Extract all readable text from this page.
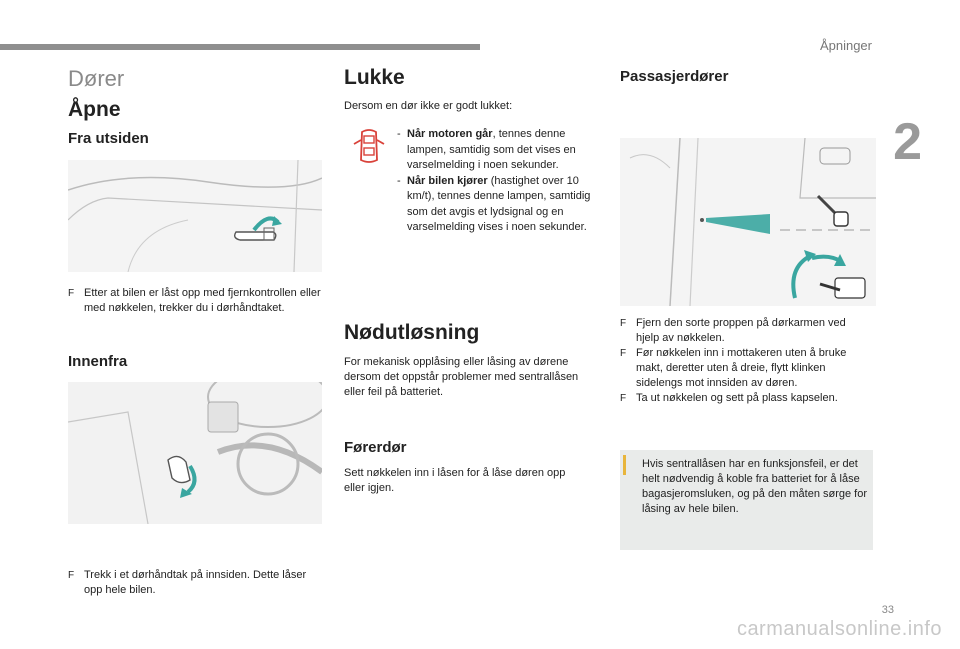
Åpninger
2
Dører
Åpne
Fra utsiden
F Etter at bilen er låst opp med fjernkontrollen eller med nøkkelen, trekker du i dørhåndtaket.
Innenfra
F Trekk i et dørhåndtak på innsiden. Dette låser opp hele bilen.
Lukke
Dersom en dør ikke er godt lukket:
- Når motoren går, tennes denne lampen, samtidig som det vises en varselmelding i noen sekunder.
- Når bilen kjører (hastighet over 10 km/t), tennes denne lampen, samtidig som det avgis et lydsignal og en varselmelding vises i noen sekunder.
Nødutløsning
For mekanisk opplåsing eller låsing av dørene dersom det oppstår problemer med sentrallåsen eller feil på batteriet.
Førerdør
Sett nøkkelen inn i låsen for å låse døren opp eller igjen.
Passasjerdører
F Fjern den sorte proppen på dørkarmen ved hjelp av nøkkelen.
F Før nøkkelen inn i mottakeren uten å bruke makt, deretter uten å dreie, flytt klinken sidelengs mot innsiden av døren.
F Ta ut nøkkelen og sett på plass kapselen.
Hvis sentrallåsen har en funksjonsfeil, er det helt nødvendig å koble fra batteriet for å låse bagasjeromsluken, og på den måten sørge for låsing av hele bilen.
33
carmanualsonline.info
